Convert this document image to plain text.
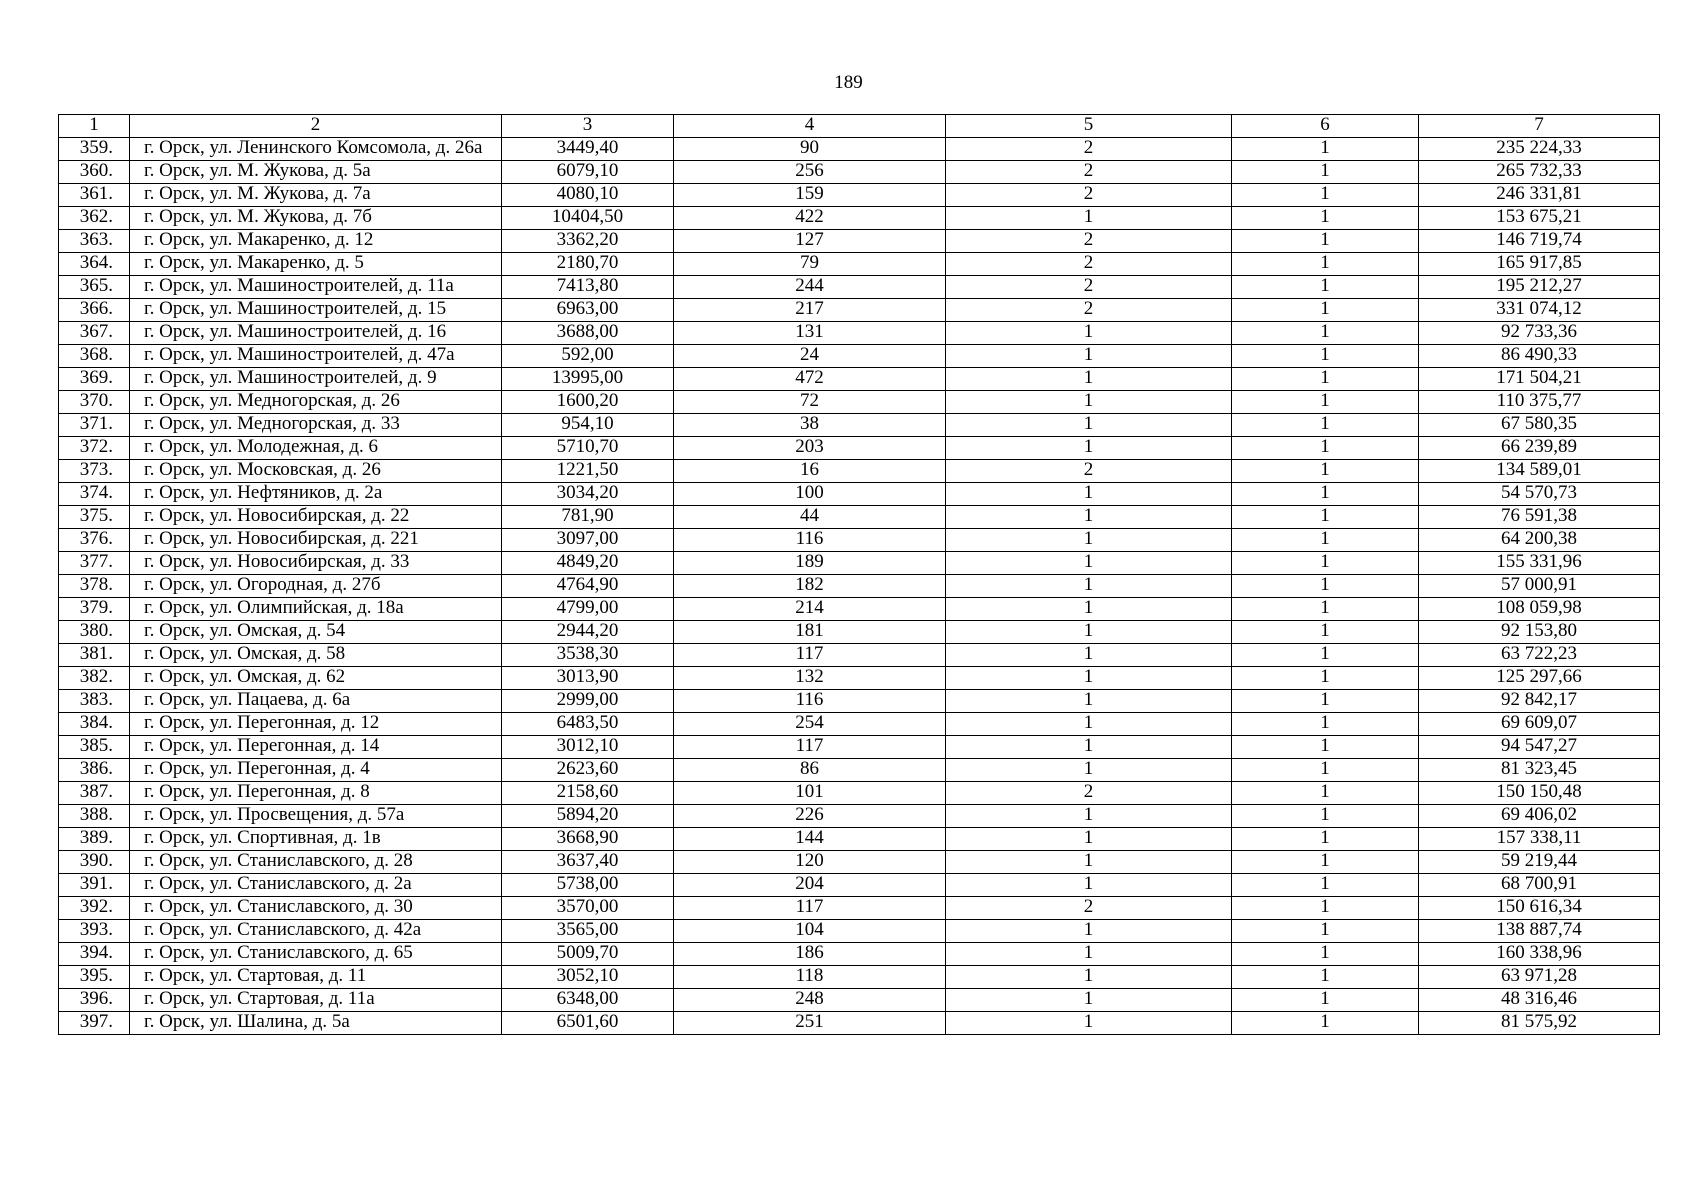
189
1	2	3	4	5	6	7
359.	г. Орск, ул. Ленинского Комсомола, д. 26а	3449,40	90	2	1	235 224,33
360.	г. Орск, ул. М. Жукова, д. 5а	6079,10	256	2	1	265 732,33
361.	г. Орск, ул. М. Жукова, д. 7а	4080,10	159	2	1	246 331,81
362.	г. Орск, ул. М. Жукова, д. 7б	10404,50	422	1	1	153 675,21
363.	г. Орск, ул. Макаренко, д. 12	3362,20	127	2	1	146 719,74
364.	г. Орск, ул. Макаренко, д. 5	2180,70	79	2	1	165 917,85
365.	г. Орск, ул. Машиностроителей, д. 11а	7413,80	244	2	1	195 212,27
366.	г. Орск, ул. Машиностроителей, д. 15	6963,00	217	2	1	331 074,12
367.	г. Орск, ул. Машиностроителей, д. 16	3688,00	131	1	1	92 733,36
368.	г. Орск, ул. Машиностроителей, д. 47а	592,00	24	1	1	86 490,33
369.	г. Орск, ул. Машиностроителей, д. 9	13995,00	472	1	1	171 504,21
370.	г. Орск, ул. Медногорская, д. 26	1600,20	72	1	1	110 375,77
371.	г. Орск, ул. Медногорская, д. 33	954,10	38	1	1	67 580,35
372.	г. Орск, ул. Молодежная, д. 6	5710,70	203	1	1	66 239,89
373.	г. Орск, ул. Московская, д. 26	1221,50	16	2	1	134 589,01
374.	г. Орск, ул. Нефтяников, д. 2а	3034,20	100	1	1	54 570,73
375.	г. Орск, ул. Новосибирская, д. 22	781,90	44	1	1	76 591,38
376.	г. Орск, ул. Новосибирская, д. 221	3097,00	116	1	1	64 200,38
377.	г. Орск, ул. Новосибирская, д. 33	4849,20	189	1	1	155 331,96
378.	г. Орск, ул. Огородная, д. 27б	4764,90	182	1	1	57 000,91
379.	г. Орск, ул. Олимпийская, д. 18а	4799,00	214	1	1	108 059,98
380.	г. Орск, ул. Омская, д. 54	2944,20	181	1	1	92 153,80
381.	г. Орск, ул. Омская, д. 58	3538,30	117	1	1	63 722,23
382.	г. Орск, ул. Омская, д. 62	3013,90	132	1	1	125 297,66
383.	г. Орск, ул. Пацаева, д. 6а	2999,00	116	1	1	92 842,17
384.	г. Орск, ул. Перегонная, д. 12	6483,50	254	1	1	69 609,07
385.	г. Орск, ул. Перегонная, д. 14	3012,10	117	1	1	94 547,27
386.	г. Орск, ул. Перегонная, д. 4	2623,60	86	1	1	81 323,45
387.	г. Орск, ул. Перегонная, д. 8	2158,60	101	2	1	150 150,48
388.	г. Орск, ул. Просвещения, д. 57а	5894,20	226	1	1	69 406,02
389.	г. Орск, ул. Спортивная, д. 1в	3668,90	144	1	1	157 338,11
390.	г. Орск, ул. Станиславского, д. 28	3637,40	120	1	1	59 219,44
391.	г. Орск, ул. Станиславского, д. 2а	5738,00	204	1	1	68 700,91
392.	г. Орск, ул. Станиславского, д. 30	3570,00	117	2	1	150 616,34
393.	г. Орск, ул. Станиславского, д. 42а	3565,00	104	1	1	138 887,74
394.	г. Орск, ул. Станиславского, д. 65	5009,70	186	1	1	160 338,96
395.	г. Орск, ул. Стартовая, д. 11	3052,10	118	1	1	63 971,28
396.	г. Орск, ул. Стартовая, д. 11а	6348,00	248	1	1	48 316,46
397.	г. Орск, ул. Шалина, д. 5а	6501,60	251	1	1	81 575,92
